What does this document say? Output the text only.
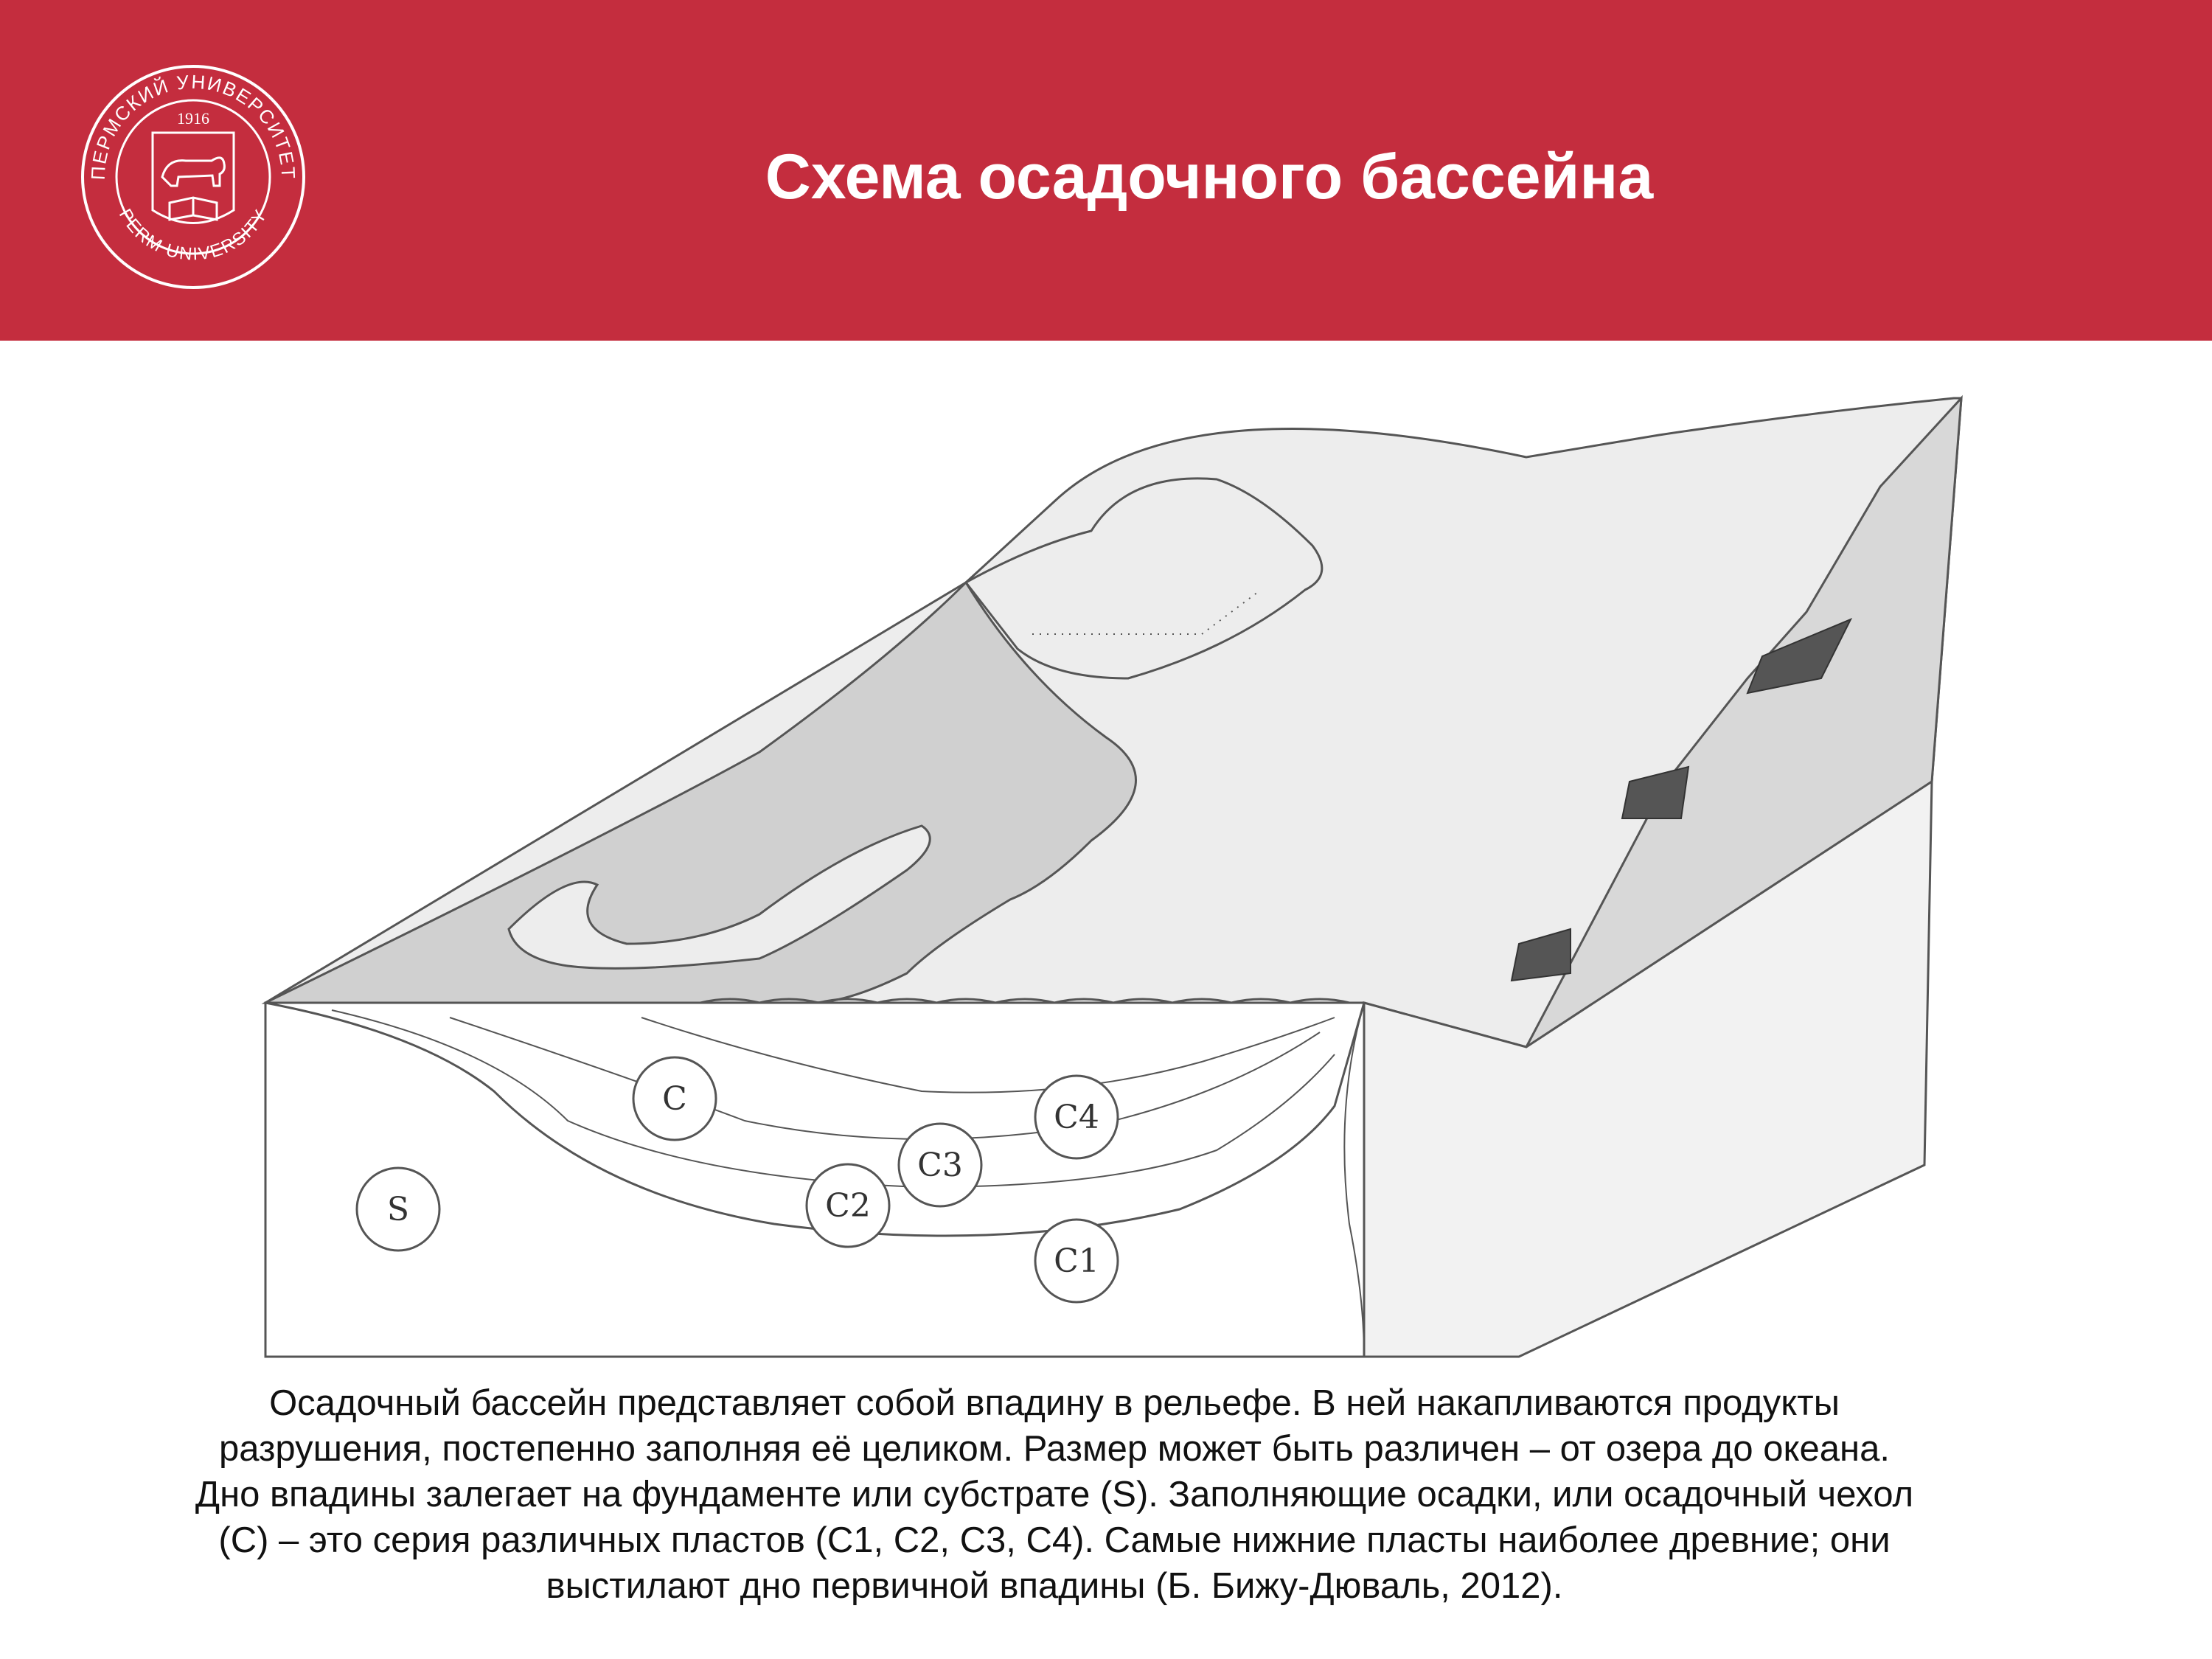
ПЕРМСКИЙ УНИВЕРСИТЕТ
PERM UNIVERSITY
1916
Схема осадочного бассейна
S
C	C4
C3
C2
C1
Осадочный бассейн представляет собой впадину в рельефе. В ней накапливаются продукты
разрушения, постепенно заполняя её целиком. Размер может быть различен – от озера до океана.
Дно впадины залегает на фундаменте или субстрате (S). Заполняющие осадки, или осадочный чехол
(С) – это серия различных пластов (С1, С2, С3, С4). Самые нижние пласты наиболее древние; они
выстилают дно первичной впадины (Б. Бижу-Дюваль, 2012).
